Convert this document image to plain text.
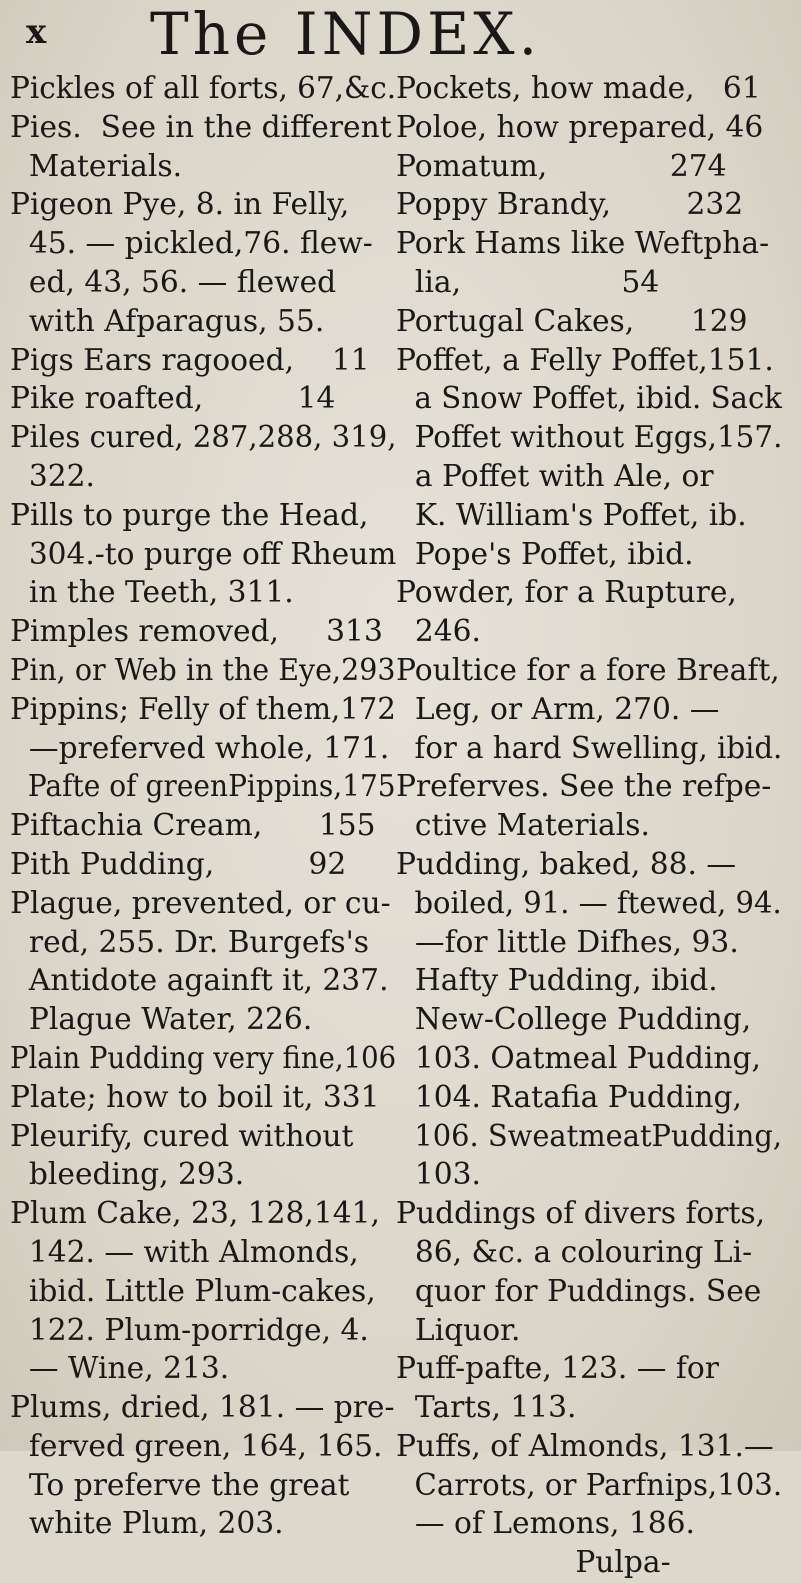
x The INDEX.
Pickles of all forts, 67,&c.
Pies.  See in the different
Materials.
Pigeon Pye, 8. in Felly,
45. — pickled,76. flew-
ed, 43, 56. — flewed
with Afparagus, 55.
Pigs Ears ragooed,    11
Pike roafted,          14
Piles cured, 287,288, 319,
322.
Pills to purge the Head,
304.-to purge off Rheum
in the Teeth, 311.
Pimples removed,     313
Pin, or Web in the Eye,293
Pippins; Felly of them,172
—preferved whole, 171.
Pafte of greenPippins,175
Piftachia Cream,      155
Pith Pudding,          92
Plague, prevented, or cu-
red, 255. Dr. Burgefs's
Antidote againft it, 237.
Plague Water, 226.
Plain Pudding very fine,106
Plate; how to boil it, 331
Pleurify, cured without
bleeding, 293.
Plum Cake, 23, 128,141,
142. — with Almonds,
ibid. Little Plum-cakes,
122. Plum-porridge, 4.
— Wine, 213.
Plums, dried, 181. — pre-
ferved green, 164, 165.
To preferve the great
white Plum, 203.
Pockets, how made,   61
Poloe, how prepared, 46
Pomatum,             274
Poppy Brandy,        232
Pork Hams like Weftpha-
lia,                 54
Portugal Cakes,      129
Poffet, a Felly Poffet,151.
a Snow Poffet, ibid. Sack
Poffet without Eggs,157.
a Poffet with Ale, or
K. William's Poffet, ib.
Pope's Poffet, ibid.
Powder, for a Rupture,
246.
Poultice for a fore Breaft,
Leg, or Arm, 270. —
for a hard Swelling, ibid.
Preferves. See the refpe-
ctive Materials.
Pudding, baked, 88. —
boiled, 91. — ftewed, 94.
—for little Difhes, 93.
Hafty Pudding, ibid.
New-College Pudding,
103. Oatmeal Pudding,
104. Ratafia Pudding,
106. SweatmeatPudding,
103.
Puddings of divers forts,
86, &c. a colouring Li-
quor for Puddings. See
Liquor.
Puff-pafte, 123. — for
Tarts, 113.
Puffs, of Almonds, 131.—
Carrots, or Parfnips,103.
— of Lemons, 186.
Pulpa-
